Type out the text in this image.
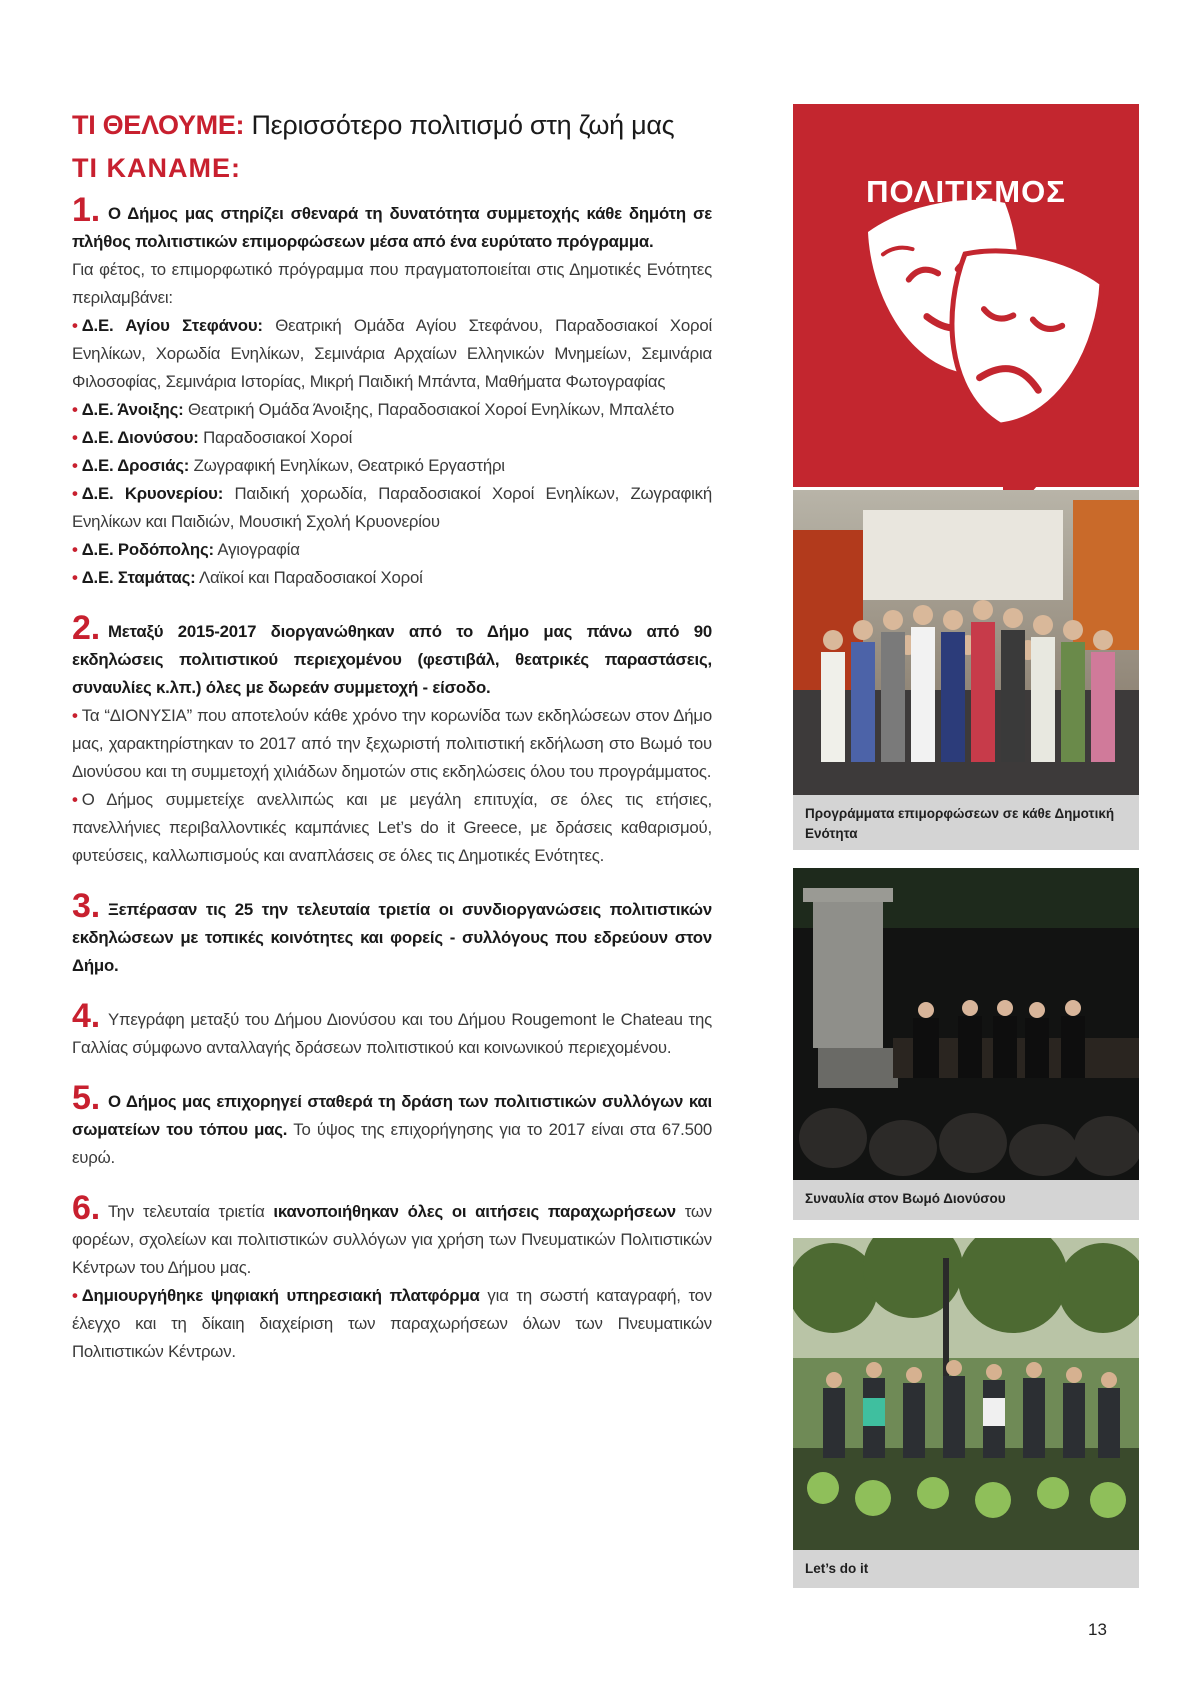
ΤΙ ΘΕΛΟΥΜΕ: Περισσότερο πολιτισμό στη ζωή μας
ΤΙ ΚΑΝΑΜΕ:

1. Ο Δήμος μας στηρίζει σθεναρά τη δυνατότητα συμμετοχής κάθε δημότη σε πλήθος πολιτιστικών επιμορφώσεων μέσα από ένα ευρύτατο πρόγραμμα.

Για φέτος, το επιμορφωτικό πρόγραμμα που πραγματοποιείται στις Δημοτικές Ενότητες περιλαμβάνει:

• Δ.Ε. Αγίου Στεφάνου: Θεατρική Ομάδα Αγίου Στεφάνου, Παραδοσιακοί Χοροί Ενηλίκων, Χορωδία Ενηλίκων, Σεμινάρια Αρχαίων Ελληνικών Μνημείων, Σεμινάρια Φιλοσοφίας, Σεμινάρια Ιστορίας, Μικρή Παιδική Μπάντα, Μαθήματα Φωτογραφίας

• Δ.Ε. Άνοιξης: Θεατρική Ομάδα Άνοιξης, Παραδοσιακοί Χοροί Ενηλίκων, Μπαλέτο

• Δ.Ε. Διονύσου: Παραδοσιακοί Χοροί

• Δ.Ε. Δροσιάς: Ζωγραφική Ενηλίκων, Θεατρικό Εργαστήρι

• Δ.Ε. Κρυονερίου: Παιδική χορωδία, Παραδοσιακοί Χοροί Ενηλίκων, Ζωγραφική Ενηλίκων και Παιδιών, Μουσική Σχολή Κρυονερίου

• Δ.Ε. Ροδόπολης: Αγιογραφία

• Δ.Ε. Σταμάτας: Λαϊκοί και Παραδοσιακοί Χοροί

2. Μεταξύ 2015-2017 διοργανώθηκαν από το Δήμο μας πάνω από 90 εκδηλώσεις πολιτιστικού περιεχομένου (φεστιβάλ, θεατρικές παραστάσεις, συναυλίες κ.λπ.) όλες με δωρεάν συμμετοχή - είσοδο.

• Τα “ΔΙΟΝΥΣΙΑ” που αποτελούν κάθε χρόνο την κορωνίδα των εκδηλώσεων στον Δήμο μας, χαρακτηρίστηκαν το 2017 από την ξεχωριστή πολιτιστική εκδήλωση στο Βωμό του Διονύσου και τη συμμετοχή χιλιάδων δημοτών στις εκδηλώσεις όλου του προγράμματος.

• Ο Δήμος συμμετείχε ανελλιπώς και με μεγάλη επιτυχία, σε όλες τις ετήσιες, πανελλήνιες περιβαλλοντικές καμπάνιες Let’s do it Greece, με δράσεις καθαρισμού, φυτεύσεις, καλλωπισμούς και αναπλάσεις σε όλες τις Δημοτικές Ενότητες.

3. Ξεπέρασαν τις 25 την τελευταία τριετία οι συνδιοργανώσεις πολιτιστικών εκδηλώσεων με τοπικές κοινότητες και φορείς - συλλόγους που εδρεύουν στον Δήμο.

4. Υπεγράφη μεταξύ του Δήμου Διονύσου και του Δήμου Rougemont le Chateau της Γαλλίας σύμφωνο ανταλλαγής δράσεων πολιτιστικού και κοινωνικού περιεχομένου.

5. Ο Δήμος μας επιχορηγεί σταθερά τη δράση των πολιτιστικών συλλόγων και σωματείων του τόπου μας. Το ύψος της επιχορήγησης για το 2017 είναι στα 67.500 ευρώ.

6. Την τελευταία τριετία ικανοποιήθηκαν όλες οι αιτήσεις παραχωρήσεων των φορέων, σχολείων και πολιτιστικών συλλόγων για χρήση των Πνευματικών Πολιτιστικών Κέντρων του Δήμου μας.

• Δημιουργήθηκε ψηφιακή υπηρεσιακή πλατφόρμα για τη σωστή καταγραφή, τον έλεγχο και τη δίκαιη διαχείριση των παραχωρήσεων όλων των Πνευματικών Πολιτιστικών Κέντρων.

ΠΟΛΙΤΙΣΜΟΣ
Προγράμματα επιμορφώσεων σε κάθε Δημοτική Ενότητα
Συναυλία στον Βωμό Διονύσου
Let’s do it
13
